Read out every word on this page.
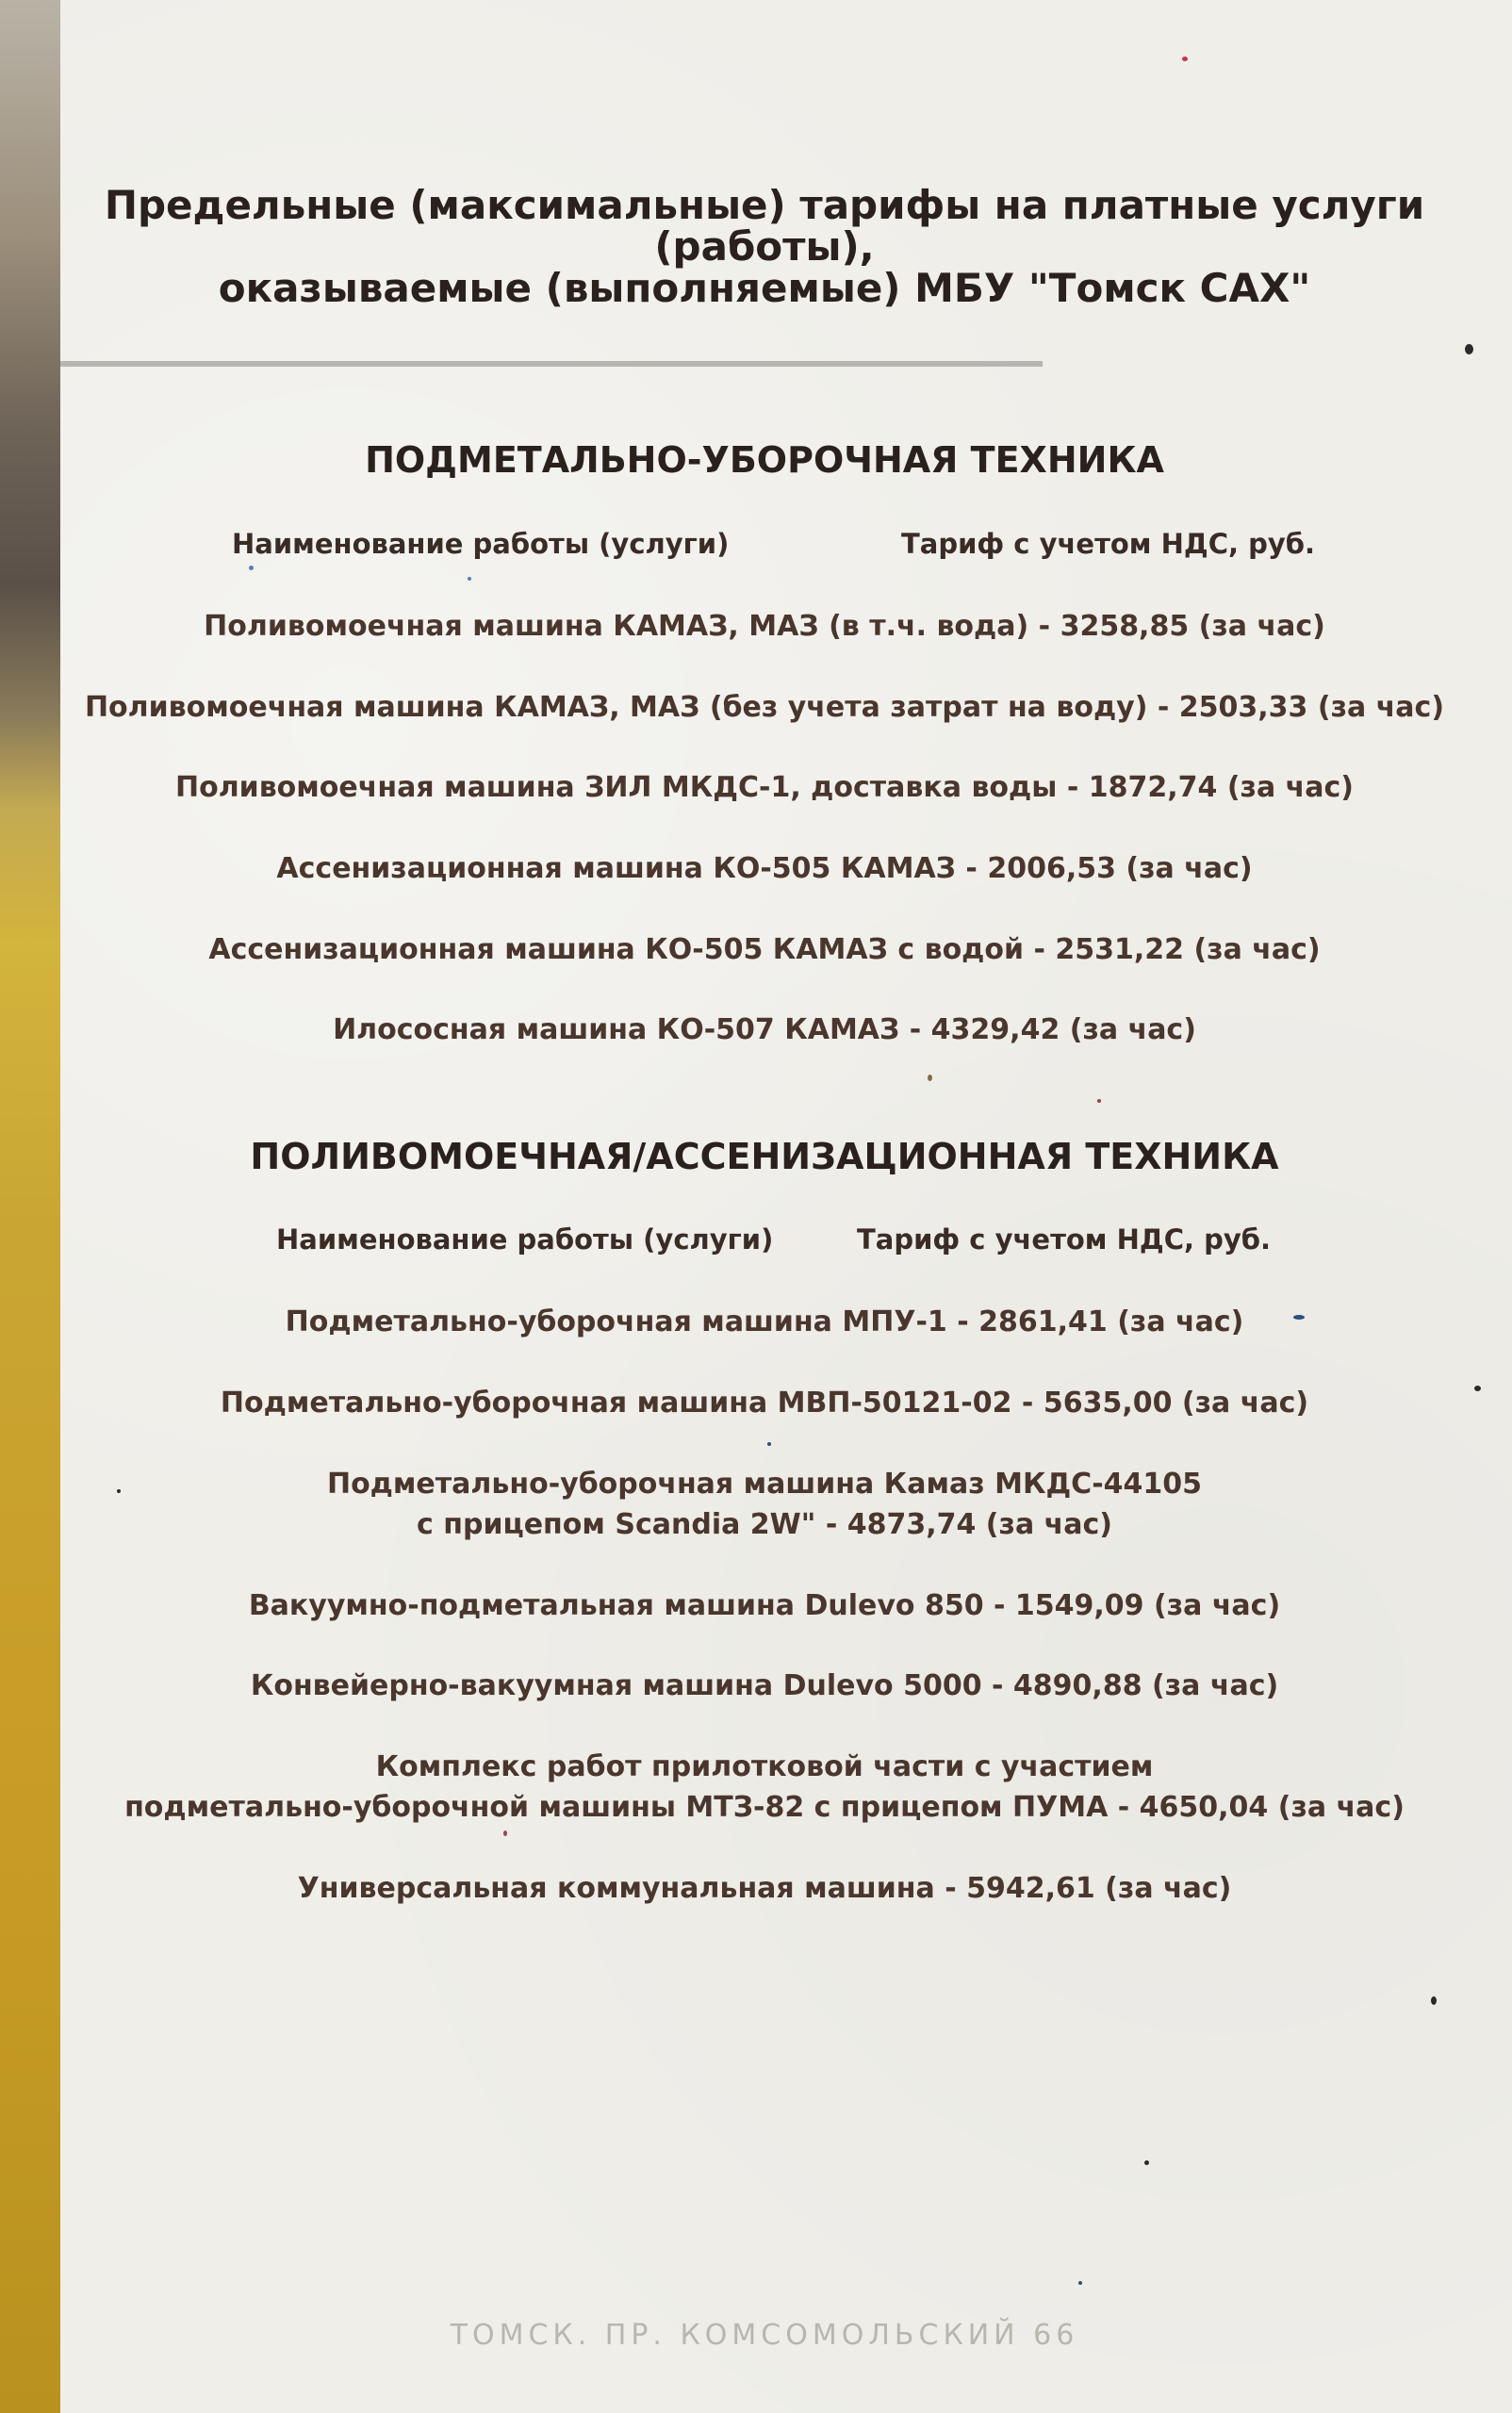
Предельные (максимальные) тарифы на платные услуги
(работы),
оказываемые (выполняемые) МБУ "Томск САХ"
ПОДМЕТАЛЬНО-УБОРОЧНАЯ ТЕХНИКА
Наименование работы (услуги)	Тариф с учетом НДС, руб.
Поливомоечная машина КАМАЗ, МАЗ (в т.ч. вода) - 3258,85 (за час)
Поливомоечная машина КАМАЗ, МАЗ (без учета затрат на воду) - 2503,33 (за час)
Поливомоечная машина ЗИЛ МКДС-1, доставка воды - 1872,74 (за час)
Ассенизационная машина КО-505 КАМАЗ - 2006,53 (за час)
Ассенизационная машина КО-505 КАМАЗ с водой - 2531,22 (за час)
Илососная машина КО-507 КАМАЗ - 4329,42 (за час)
ПОЛИВОМОЕЧНАЯ/АССЕНИЗАЦИОННАЯ ТЕХНИКА
Наименование работы (услуги)	Тариф с учетом НДС, руб.
Подметально-уборочная машина МПУ-1 - 2861,41 (за час)
Подметально-уборочная машина МВП-50121-02 - 5635,00 (за час)
Подметально-уборочная машина Камаз МКДС-44105
с прицепом Scandia 2W" - 4873,74 (за час)
Вакуумно-подметальная машина Dulevo 850 - 1549,09 (за час)
Конвейерно-вакуумная машина Dulevo 5000 - 4890,88 (за час)
Комплекс работ прилотковой части с участием
подметально-уборочной машины МТЗ-82 с прицепом ПУМА - 4650,04 (за час)
Универсальная коммунальная машина - 5942,61 (за час)
ТОМСК. ПР. КОМСОМОЛЬСКИЙ 66
